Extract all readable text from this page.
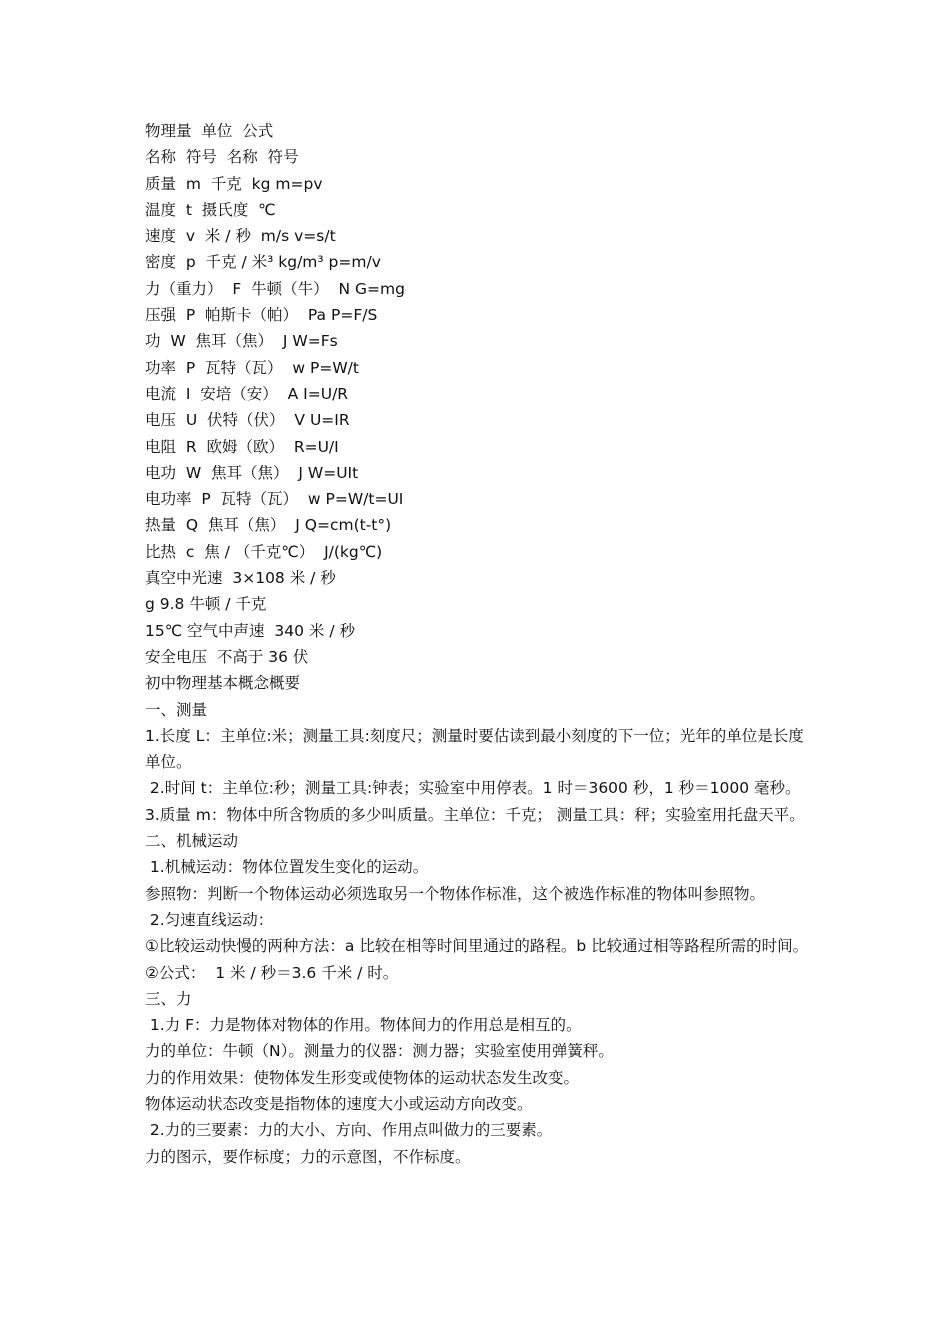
物理量  单位  公式
名称  符号  名称  符号
质量  m  千克  kg m=pv
温度  t  摄氏度  ℃
速度  v  米 / 秒  m/s v=s/t
密度  p  千克 / 米³ kg/m³ p=m/v
力（重力）  F  牛顿（牛）  N G=mg
压强  P  帕斯卡（帕）  Pa P=F/S
功  W  焦耳（焦）  J W=Fs
功率  P  瓦特（瓦）  w P=W/t
电流  I  安培（安）  A I=U/R
电压  U  伏特（伏）  V U=IR
电阻  R  欧姆（欧）  R=U/I
电功  W  焦耳（焦）  J W=UIt
电功率  P  瓦特（瓦）  w P=W/t=UI
热量  Q  焦耳（焦）  J Q=cm(t-t°)
比热  c  焦 / （千克℃）  J/(kg℃)
真空中光速  3×108 米 / 秒
g 9.8 牛顿 / 千克
15℃ 空气中声速  340 米 / 秒
安全电压  不高于 36 伏
初中物理基本概念概要
一、测量
1.长度 L：主单位:米；测量工具:刻度尺；测量时要估读到最小刻度的下一位；光年的单位是长度单位。
2.时间 t：主单位:秒；测量工具:钟表；实验室中用停表。1 时＝3600 秒，1 秒＝1000 毫秒。
3.质量 m：物体中所含物质的多少叫质量。主单位：千克； 测量工具：秤；实验室用托盘天平。
二、机械运动
1.机械运动：物体位置发生变化的运动。
参照物：判断一个物体运动必须选取另一个物体作标准，这个被选作标准的物体叫参照物。
2.匀速直线运动：
①比较运动快慢的两种方法：a 比较在相等时间里通过的路程。b 比较通过相等路程所需的时间。
②公式：  1 米 / 秒＝3.6 千米 / 时。
三、力
1.力 F：力是物体对物体的作用。物体间力的作用总是相互的。
力的单位：牛顿（N）。测量力的仪器：测力器；实验室使用弹簧秤。
力的作用效果：使物体发生形变或使物体的运动状态发生改变。
物体运动状态改变是指物体的速度大小或运动方向改变。
2.力的三要素：力的大小、方向、作用点叫做力的三要素。
力的图示，要作标度；力的示意图，不作标度。
